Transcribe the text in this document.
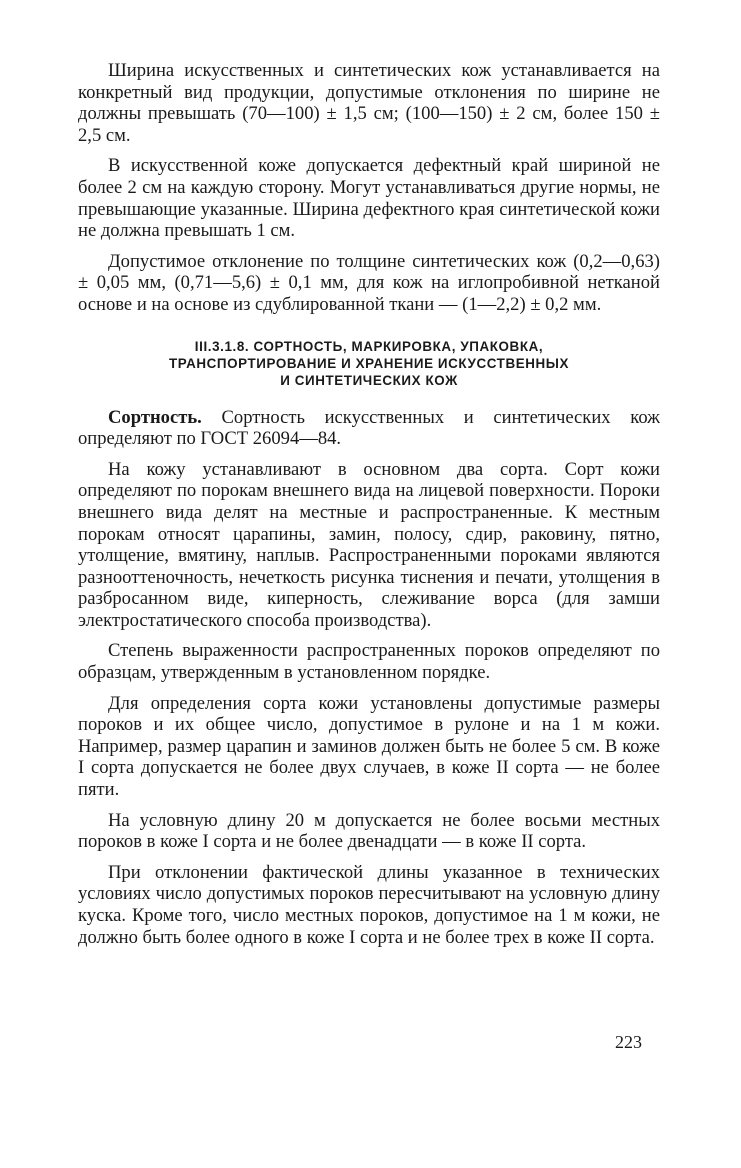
Ширина искусственных и синтетических кож устанавливается на конкретный вид продукции, допустимые отклонения по ширине не должны превышать (70—100) ± 1,5 см; (100—150) ± 2 см, более 150 ± 2,5 см.

В искусственной коже допускается дефектный край шириной не более 2 см на каждую сторону. Могут устанавливаться другие нормы, не превышающие указанные. Ширина дефектного края синтетической кожи не должна превышать 1 см.

Допустимое отклонение по толщине синтетических кож (0,2—0,63) ± 0,05 мм, (0,71—5,6) ± 0,1 мм, для кож на иглопробивной нетканой основе и на основе из сдублированной ткани — (1—2,2) ± 0,2 мм.

III.3.1.8. СОРТНОСТЬ, МАРКИРОВКА, УПАКОВКА,
ТРАНСПОРТИРОВАНИЕ И ХРАНЕНИЕ ИСКУССТВЕННЫХ
И СИНТЕТИЧЕСКИХ КОЖ

Сортность. Сортность искусственных и синтетических кож определяют по ГОСТ 26094—84.

На кожу устанавливают в основном два сорта. Сорт кожи определяют по порокам внешнего вида на лицевой поверхности. Пороки внешнего вида делят на местные и распространенные. К местным порокам относят царапины, замин, полосу, сдир, раковину, пятно, утолщение, вмятину, наплыв. Распространенными пороками являются разнооттеночность, нечеткость рисунка тиснения и печати, утолщения в разбросанном виде, киперность, слеживание ворса (для замши электростатического способа производства).

Степень выраженности распространенных пороков определяют по образцам, утвержденным в установленном порядке.

Для определения сорта кожи установлены допустимые размеры пороков и их общее число, допустимое в рулоне и на 1 м кожи. Например, размер царапин и заминов должен быть не более 5 см. В коже I сорта допускается не более двух случаев, в коже II сорта — не более пяти.

На условную длину 20 м допускается не более восьми местных пороков в коже I сорта и не более двенадцати — в коже II сорта.

При отклонении фактической длины указанное в технических условиях число допустимых пороков пересчитывают на условную длину куска. Кроме того, число местных пороков, допустимое на 1 м кожи, не должно быть более одного в коже I сорта и не более трех в коже II сорта.

223
